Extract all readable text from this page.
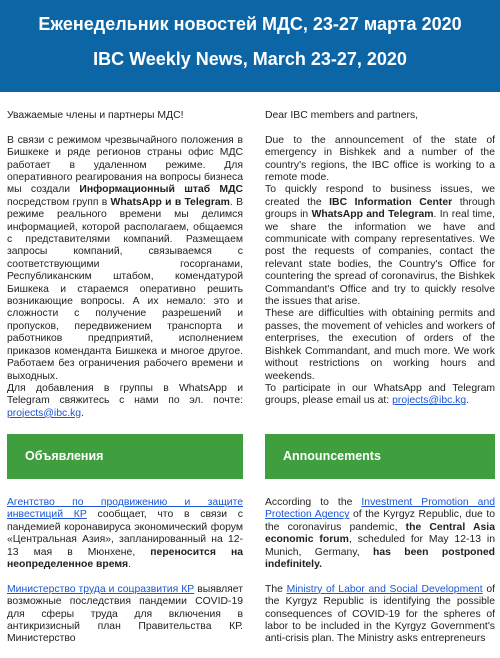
Еженедельник новостей МДС, 23-27 марта 2020
IBC Weekly News, March 23-27, 2020

Уважаемые члены и партнеры МДС!

В связи с режимом чрезвычайного положения в Бишкеке и ряде регионов страны офис МДС работает в удаленном режиме. Для оперативного реагирования на вопросы бизнеса мы создали Информационный штаб МДС посредством групп в WhatsApp и в Telegram. В режиме реального времени мы делимся информацией, которой располагаем, общаемся с представителями компаний. Размещаем запросы компаний, связываемся с соответствующими госорганами, Республиканским штабом, комендатурой Бишкека и стараемся оперативно решить возникающие вопросы. А их немало: это и сложности с получение разрешений и пропусков, передвижением транспорта и работников предприятий, исполнением приказов коменданта Бишкека и многое другое. Работаем без ограничения рабочего времени и выходных.

Для добавления в группы в WhatsApp и Telegram свяжитесь с нами по эл. почте: projects@ibc.kg.

Dear IBC members and partners,

Due to the announcement of the state of emergency in Bishkek and a number of the country's regions, the IBC office is working to a remote mode.

To quickly respond to business issues, we created the IBC Information Center through groups in WhatsApp and Telegram. In real time, we share the information we have and communicate with company representatives. We post the requests of companies, contact the relevant state bodies, the Country's Office for countering the spread of coronavirus, the Bishkek Commandant's Office and try to quickly resolve the issues that arise.

These are difficulties with obtaining permits and passes, the movement of vehicles and workers of enterprises, the execution of orders of the Bishkek Commandant, and much more. We work without restrictions on working hours and weekends.

To participate in our WhatsApp and Telegram groups, please email us at: projects@ibc.kg.

Объявления	Announcements

Агентство по продвижению и защите инвестиций КР сообщает, что в связи с пандемией коронавируса экономический форум «Центральная Азия», запланированный на 12-13 мая в Мюнхене, переносится на неопределенное время.

Министерство труда и соцразвития КР выявляет возможные последствия пандемии COVID-19 для сферы труда для включения в антикризисный план Правительства КР. Министерство

According to the Investment Promotion and Protection Agency of the Kyrgyz Republic, due to the coronavirus pandemic, the Central Asia economic forum, scheduled for May 12-13 in Munich, Germany, has been postponed indefinitely.

The Ministry of Labor and Social Development of the Kyrgyz Republic is identifying the possible consequences of COVID-19 for the spheres of labor to be included in the Kyrgyz Government's anti-crisis plan. The Ministry asks entrepreneurs
